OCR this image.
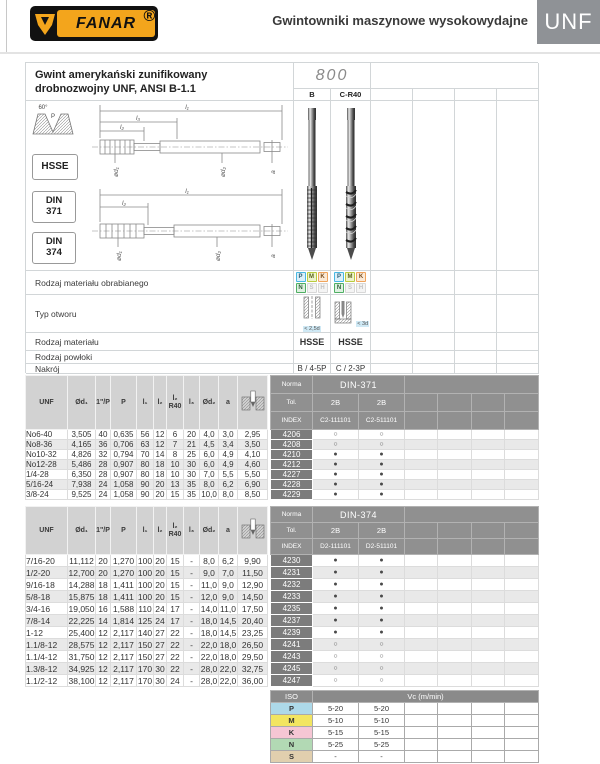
FANAR ®	Gwintowniki maszynowe wysokowydajne UNF
Gwint amerykański zunifikowany
drobnozwojny UNF, ANSI B-1.1
800
B	C-R40
60°
P
HSSE
DIN
371
DIN
374
l₁
l₃
l₂
ød₁	ød₂	a
l₁
l₂
ød₁	ød₂	a
Rodzaj materiału obrabianego
P	M	K
N	S	H
P	M	K
N	S	H
Typ otworu
< 2,5d
< 3d
Rodzaj materiału	HSSE	HSSE
Rodzaj powłoki
Nakrój	B / 4-5P	C / 2-3P
UNF	Ød₁	1"/P	P	l₁	l₂	l₂ R40	l₃	Ød₂	a			Norma	DIN-371					
												Tol.	2B	2B				
												INDEX	C2-111101	C2-511101				
No6-40	3,505	40	0,635	56	12	6	20	4,0	3,0	2,95		4206	○	○				
No8-36	4,165	36	0,706	63	12	7	21	4,5	3,4	3,50		4208	○	○				
No10-32	4,826	32	0,794	70	14	8	25	6,0	4,9	4,10		4210	●	●				
No12-28	5,486	28	0,907	80	18	10	30	6,0	4,9	4,60		4212	●	●				
1/4-28	6,350	28	0,907	80	18	10	30	7,0	5,5	5,50		4227	●	●				
5/16-24	7,938	24	1,058	90	20	13	35	8,0	6,2	6,90		4228	●	●				
3/8-24	9,525	24	1,058	90	20	15	35	10,0	8,0	8,50		4229	●	●				
UNF	Ød₁	1"/P	P	l₁	l₂	l₂ R40	l₃	Ød₂	a			Norma	DIN-374					
												Tol.	2B	2B				
												INDEX	D2-111101	D2-511101				
7/16-20	11,112	20	1,270	100	20	15	-	8,0	6,2	9,90		4230	●	●				
1/2-20	12,700	20	1,270	100	20	15	-	9,0	7,0	11,50		4231	●	●				
9/16-18	14,288	18	1,411	100	20	15	-	11,0	9,0	12,90		4232	●	●				
5/8-18	15,875	18	1,411	100	20	15	-	12,0	9,0	14,50		4233	●	●				
3/4-16	19,050	16	1,588	110	24	17	-	14,0	11,0	17,50		4235	●	●				
7/8-14	22,225	14	1,814	125	24	17	-	18,0	14,5	20,40		4237	●	●				
1-12	25,400	12	2,117	140	27	22	-	18,0	14,5	23,25		4239	●	●				
1.1/8-12	28,575	12	2,117	150	27	22	-	22,0	18,0	26,50		4241	○	○				
1.1/4-12	31,750	12	2,117	150	27	22	-	22,0	18,0	29,50		4243	○	○				
1.3/8-12	34,925	12	2,117	170	30	22	-	28,0	22,0	32,75		4245	○	○				
1.1/2-12	38,100	12	2,117	170	30	24	-	28,0	22,0	36,00		4247	○	○				
ISO	Vc (m/min)					
P	5-20	5-20				
M	5-10	5-10				
K	5-15	5-15				
N	5-25	5-25				
S	-	-				
